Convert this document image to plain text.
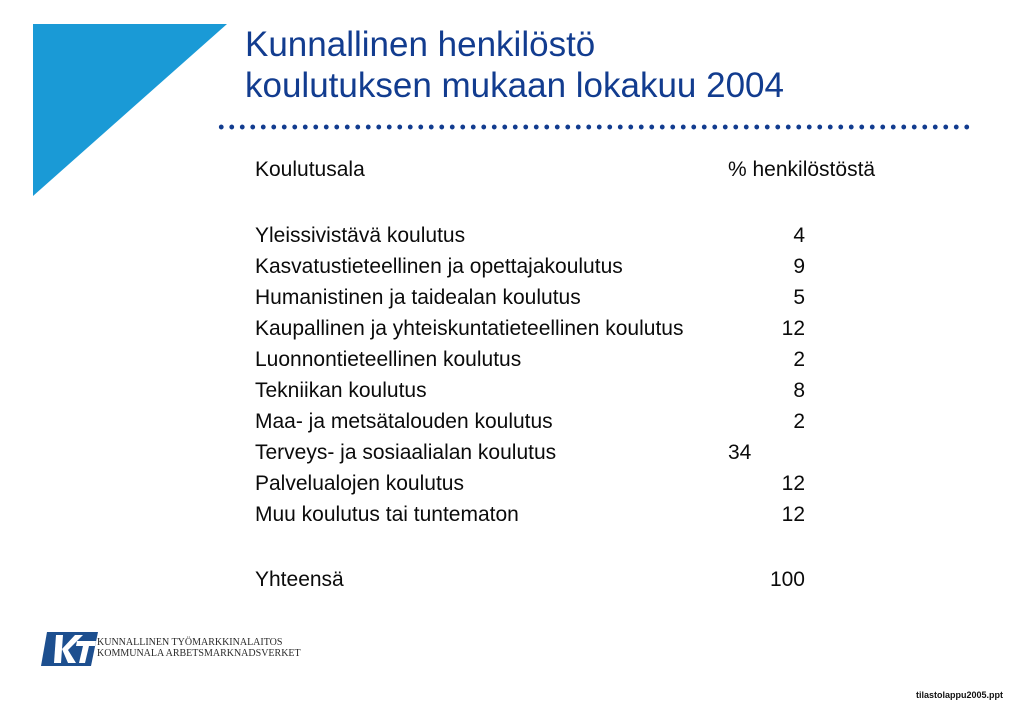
Kunnallinen henkilöstö
koulutuksen mukaan lokakuu 2004
Koulutusala	% henkilöstöstä
Yleissivistävä koulutus	4
Kasvatustieteellinen ja opettajakoulutus	9
Humanistinen ja taidealan koulutus	5
Kaupallinen ja yhteiskuntatieteellinen koulutus	12
Luonnontieteellinen koulutus	2
Tekniikan koulutus	8
Maa- ja metsätalouden koulutus	2
Terveys- ja sosiaalialan koulutus	34
Palvelualojen koulutus	12
Muu koulutus tai tuntematon	12
Yhteensä	100
KUNNALLINEN TYÖMARKKINALAITOS
KOMMUNALA ARBETSMARKNADSVERKET
tilastolappu2005.ppt
